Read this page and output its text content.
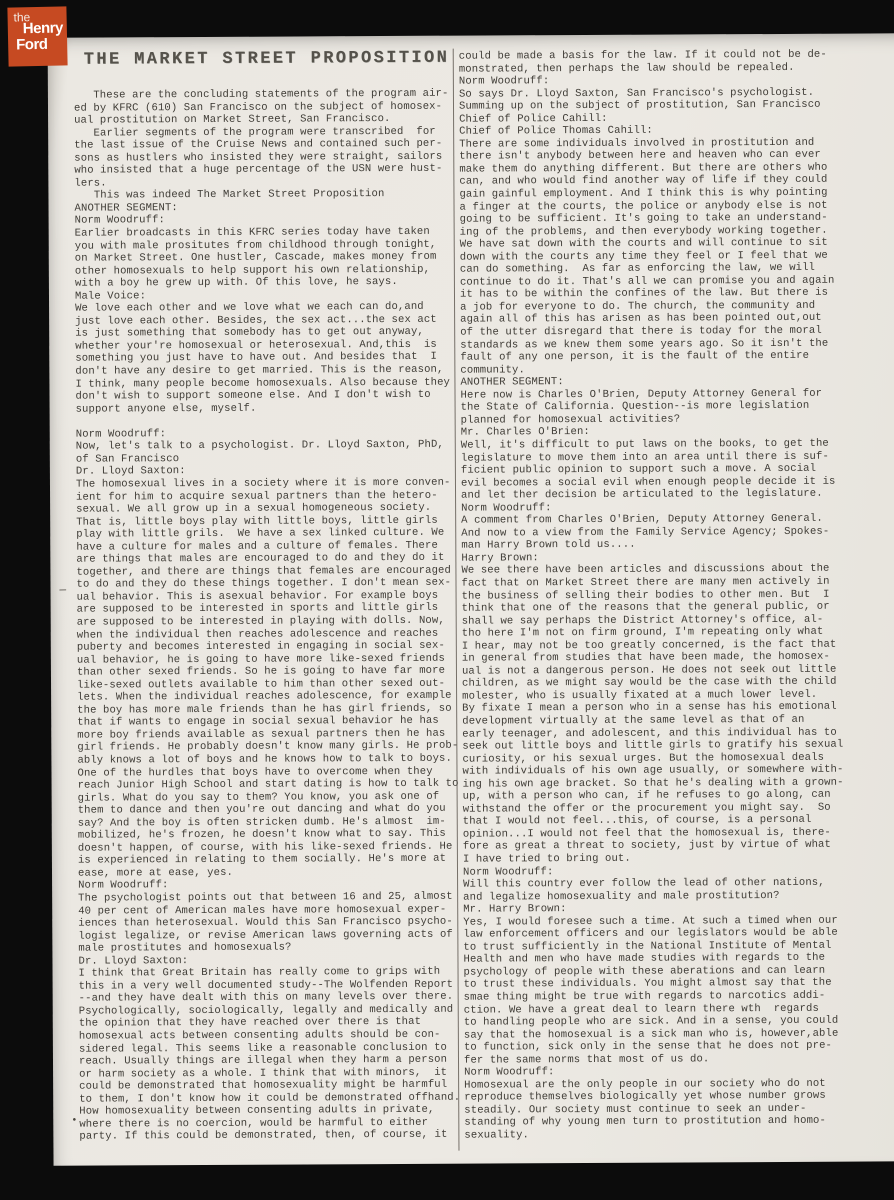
THE MARKET STREET PROPOSITION
These are the concluding statements of the program air-
ed by KFRC (610) San Francisco on the subject of homosex-
ual prostitution on Market Street, San Francisco.
Earlier segments of the program were transcribed  for
the last issue of the Cruise News and contained such per-
sons as hustlers who insisted they were straight, sailors
who insisted that a huge percentage of the USN were hust-
lers.
This was indeed The Market Street Proposition
ANOTHER SEGMENT:
Norm Woodruff:
Earlier broadcasts in this KFRC series today have taken
you with male prositutes from childhood through tonight,
on Market Street. One hustler, Cascade, makes money from
other homosexuals to help support his own relationship,
with a boy he grew up with. Of this love, he says.
Male Voice:
We love each other and we love what we each can do,and
just love each other. Besides, the sex act...the sex act
is just something that somebody has to get out anyway,
whether your're homosexual or heterosexual. And,this  is
something you just have to have out. And besides that  I
don't have any desire to get married. This is the reason,
I think, many people become homosexuals. Also because they
don't wish to support someone else. And I don't wish to
support anyone else, myself.

Norm Woodruff:
Now, let's talk to a psychologist. Dr. Lloyd Saxton, PhD,
of San Francisco
Dr. Lloyd Saxton:
The homosexual lives in a society where it is more conven-
ient for him to acquire sexual partners than the hetero-
sexual. We all grow up in a sexual homogeneous society.
That is, little boys play with little boys, little girls
play with little grils.  We have a sex linked culture. We
have a culture for males and a culture of females. There
are things that males are encouraged to do and they do it
together, and there are things that females are encouraged
to do and they do these things together. I don't mean sex-
ual behavior. This is asexual behavior. For example boys
are supposed to be interested in sports and little girls
are supposed to be interested in playing with dolls. Now,
when the individual then reaches adolescence and reaches
puberty and becomes interested in engaging in social sex-
ual behavior, he is going to have more like-sexed friends
than other sexed friends. So he is going to have far more
like-sexed outlets available to him than other sexed out-
lets. When the individual reaches adolescence, for example
the boy has more male friends than he has girl friends, so
that if wants to engage in social sexual behavior he has
more boy friends available as sexual partners then he has
girl friends. He probably doesn't know many girls. He prob-
ably knows a lot of boys and he knows how to talk to boys.
One of the hurdles that boys have to overcome when they
reach Junior High School and start dating is how to talk to
girls. What do you say to them? You know, you ask one of
them to dance and then you're out dancing and what do you
say? And the boy is often stricken dumb. He's almost  im-
mobilized, he's frozen, he doesn't know what to say. This
doesn't happen, of course, with his like-sexed friends. He
is experienced in relating to them socially. He's more at
ease, more at ease, yes.
Norm Woodruff:
The psychologist points out that between 16 and 25, almost
40 per cent of American males have more homosexual exper-
iences than heterosexual. Would this San Francisco psycho-
logist legalize, or revise American laws governing acts of
male prostitutes and homosexuals?
Dr. Lloyd Saxton:
I think that Great Britain has really come to grips with
this in a very well documented study--The Wolfenden Report
--and they have dealt with this on many levels over there.
Psychologically, sociologically, legally and medically and
the opinion that they have reached over there is that
homosexual acts between consenting adults should be con-
sidered legal. This seems like a reasonable conclusion to
reach. Usually things are illegal when they harm a person
or harm society as a whole. I think that with minors,  it
could be demonstrated that homosexuality might be harmful
to them, I don't know how it could be demonstrated offhand.
How homosexuality between consenting adults in private,
where there is no coercion, would be harmful to either
party. If this could be demonstrated, then, of course, it
could be made a basis for the law. If it could not be de-
monstrated, then perhaps the law should be repealed.
Norm Woodruff:
So says Dr. Lloyd Saxton, San Francisco's psychologist.
Summing up on the subject of prostitution, San Francisco
Chief of Police Cahill:
Chief of Police Thomas Cahill:
There are some individuals involved in prostitution and
there isn't anybody between here and heaven who can ever
make them do anything different. But there are others who
can, and who would find another way of life if they could
gain gainful employment. And I think this is why pointing
a finger at the courts, the police or anybody else is not
going to be sufficient. It's going to take an understand-
ing of the problems, and then everybody working together.
We have sat down with the courts and will continue to sit
down with the courts any time they feel or I feel that we
can do something.  As far as enforcing the law, we will
continue to do it. That's all we can promise you and again
it has to be within the confines of the law. But there is
a job for everyone to do. The church, the community and
again all of this has arisen as has been pointed out,out
of the utter disregard that there is today for the moral
standards as we knew them some years ago. So it isn't the
fault of any one person, it is the fault of the entire
community.
ANOTHER SEGMENT:
Here now is Charles O'Brien, Deputy Attorney General for
the State of California. Question--is more legislation
planned for homosexual activities?
Mr. Charles O'Brien:
Well, it's difficult to put laws on the books, to get the
legislature to move them into an area until there is suf-
ficient public opinion to support such a move. A social
evil becomes a social evil when enough people decide it is
and let ther decision be articulated to the legislature.
Norm Woodruff:
A comment from Charles O'Brien, Deputy Attorney General.
And now to a view from the Family Service Agency; Spokes-
man Harry Brown told us....
Harry Brown:
We see there have been articles and discussions about the
fact that on Market Street there are many men actively in
the business of selling their bodies to other men. But  I
think that one of the reasons that the general public, or
shall we say perhaps the District Attorney's office, al-
tho here I'm not on firm ground, I'm repeating only what
I hear, may not be too greatly concerned, is the fact that
in general from studies that have been made, the homosex-
ual is not a dangerous person. He does not seek out little
children, as we might say would be the case with the child
molester, who is usually fixated at a much lower level.
By fixate I mean a person who in a sense has his emotional
development virtually at the same level as that of an
early teenager, and adolescent, and this individual has to
seek out little boys and little girls to gratify his sexual
curiosity, or his sexual urges. But the homosexual deals
with individuals of his own age usually, or somewhere with-
ing his own age bracket. So that he's dealing with a grown-
up, with a person who can, if he refuses to go along, can
withstand the offer or the procurement you might say.  So
that I would not feel...this, of course, is a personal
opinion...I would not feel that the homosexual is, there-
fore as great a threat to society, just by virtue of what
I have tried to bring out.
Norm Woodruff:
Will this country ever follow the lead of other nations,
and legalize homosexuality and male prostitution?
Mr. Harry Brown:
Yes, I would foresee such a time. At such a timed when our
law enforcement officers and our legislators would be able
to trust sufficiently in the National Institute of Mental
Health and men who have made studies with regards to the
psychology of people with these aberations and can learn
to trust these individuals. You might almost say that the
smae thing might be true with regards to narcotics addi-
ction. We have a great deal to learn there wth  regards
to handling people who are sick. And in a sense, you could
say that the homosexual is a sick man who is, however,able
to function, sick only in the sense that he does not pre-
fer the same norms that most of us do.
Norm Woodruff:
Homosexual are the only people in our society who do not
reproduce themselves biologically yet whose number grows
steadily. Our society must continue to seek an under-
standing of why young men turn to prostitution and homo-
sexuality.
—
•
the
Henry
Ford
